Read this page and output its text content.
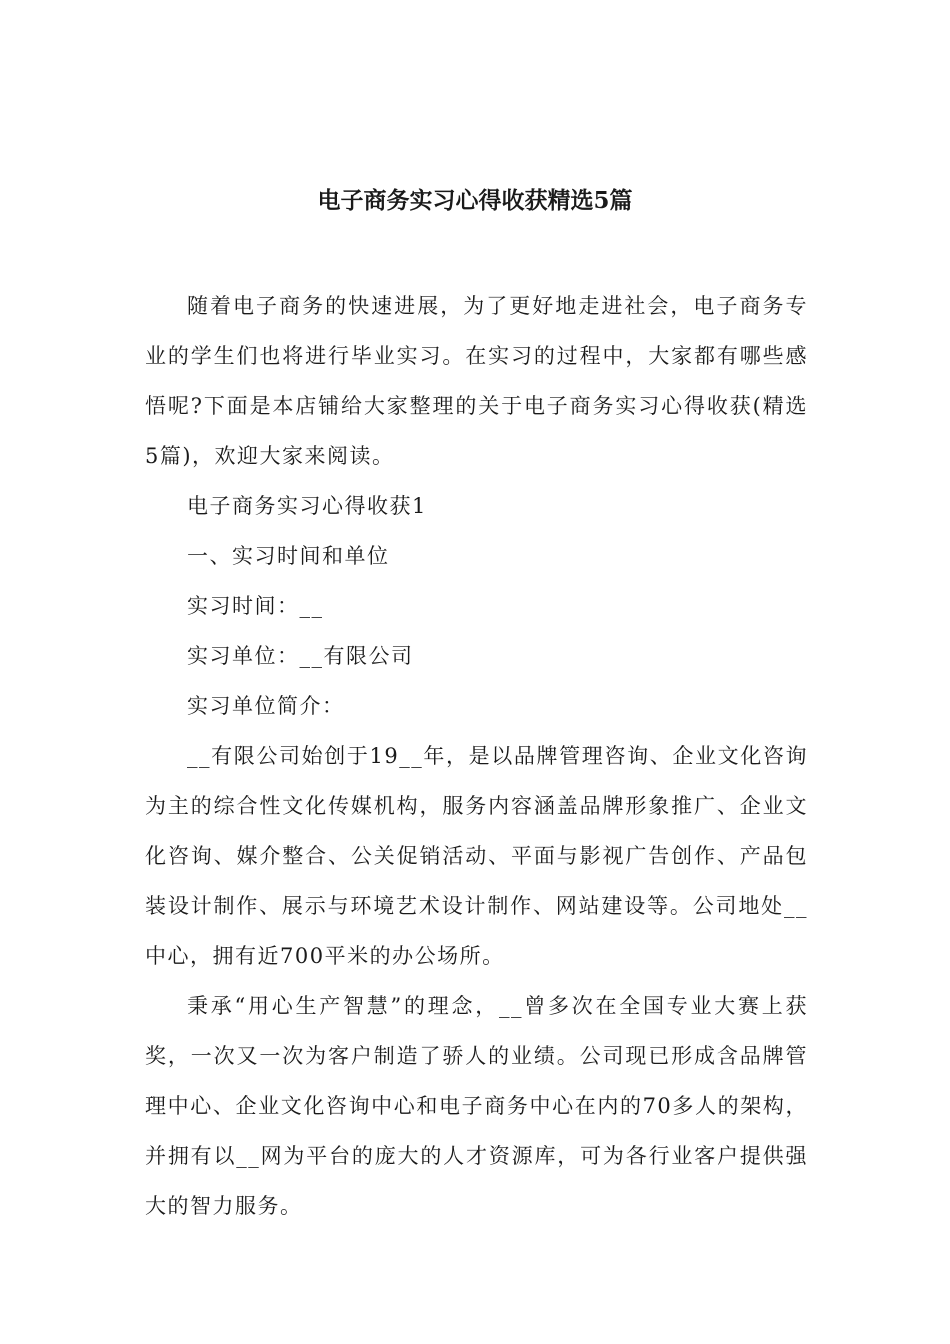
电子商务实习心得收获精选5篇

随着电子商务的快速进展，为了更好地走进社会，电子商务专业的学生们也将进行毕业实习。在实习的过程中，大家都有哪些感悟呢?下面是本店铺给大家整理的关于电子商务实习心得收获(精选5篇)，欢迎大家来阅读。

电子商务实习心得收获1

一、实习时间和单位

实习时间：__

实习单位：__有限公司

实习单位简介：

__有限公司始创于19__年，是以品牌管理咨询、企业文化咨询为主的综合性文化传媒机构，服务内容涵盖品牌形象推广、企业文化咨询、媒介整合、公关促销活动、平面与影视广告创作、产品包装设计制作、展示与环境艺术设计制作、网站建设等。公司地处__中心，拥有近700平米的办公场所。

秉承“用心生产智慧”的理念，__曾多次在全国专业大赛上获奖，一次又一次为客户制造了骄人的业绩。公司现已形成含品牌管理中心、企业文化咨询中心和电子商务中心在内的70多人的架构，并拥有以__网为平台的庞大的人才资源库，可为各行业客户提供强大的智力服务。
